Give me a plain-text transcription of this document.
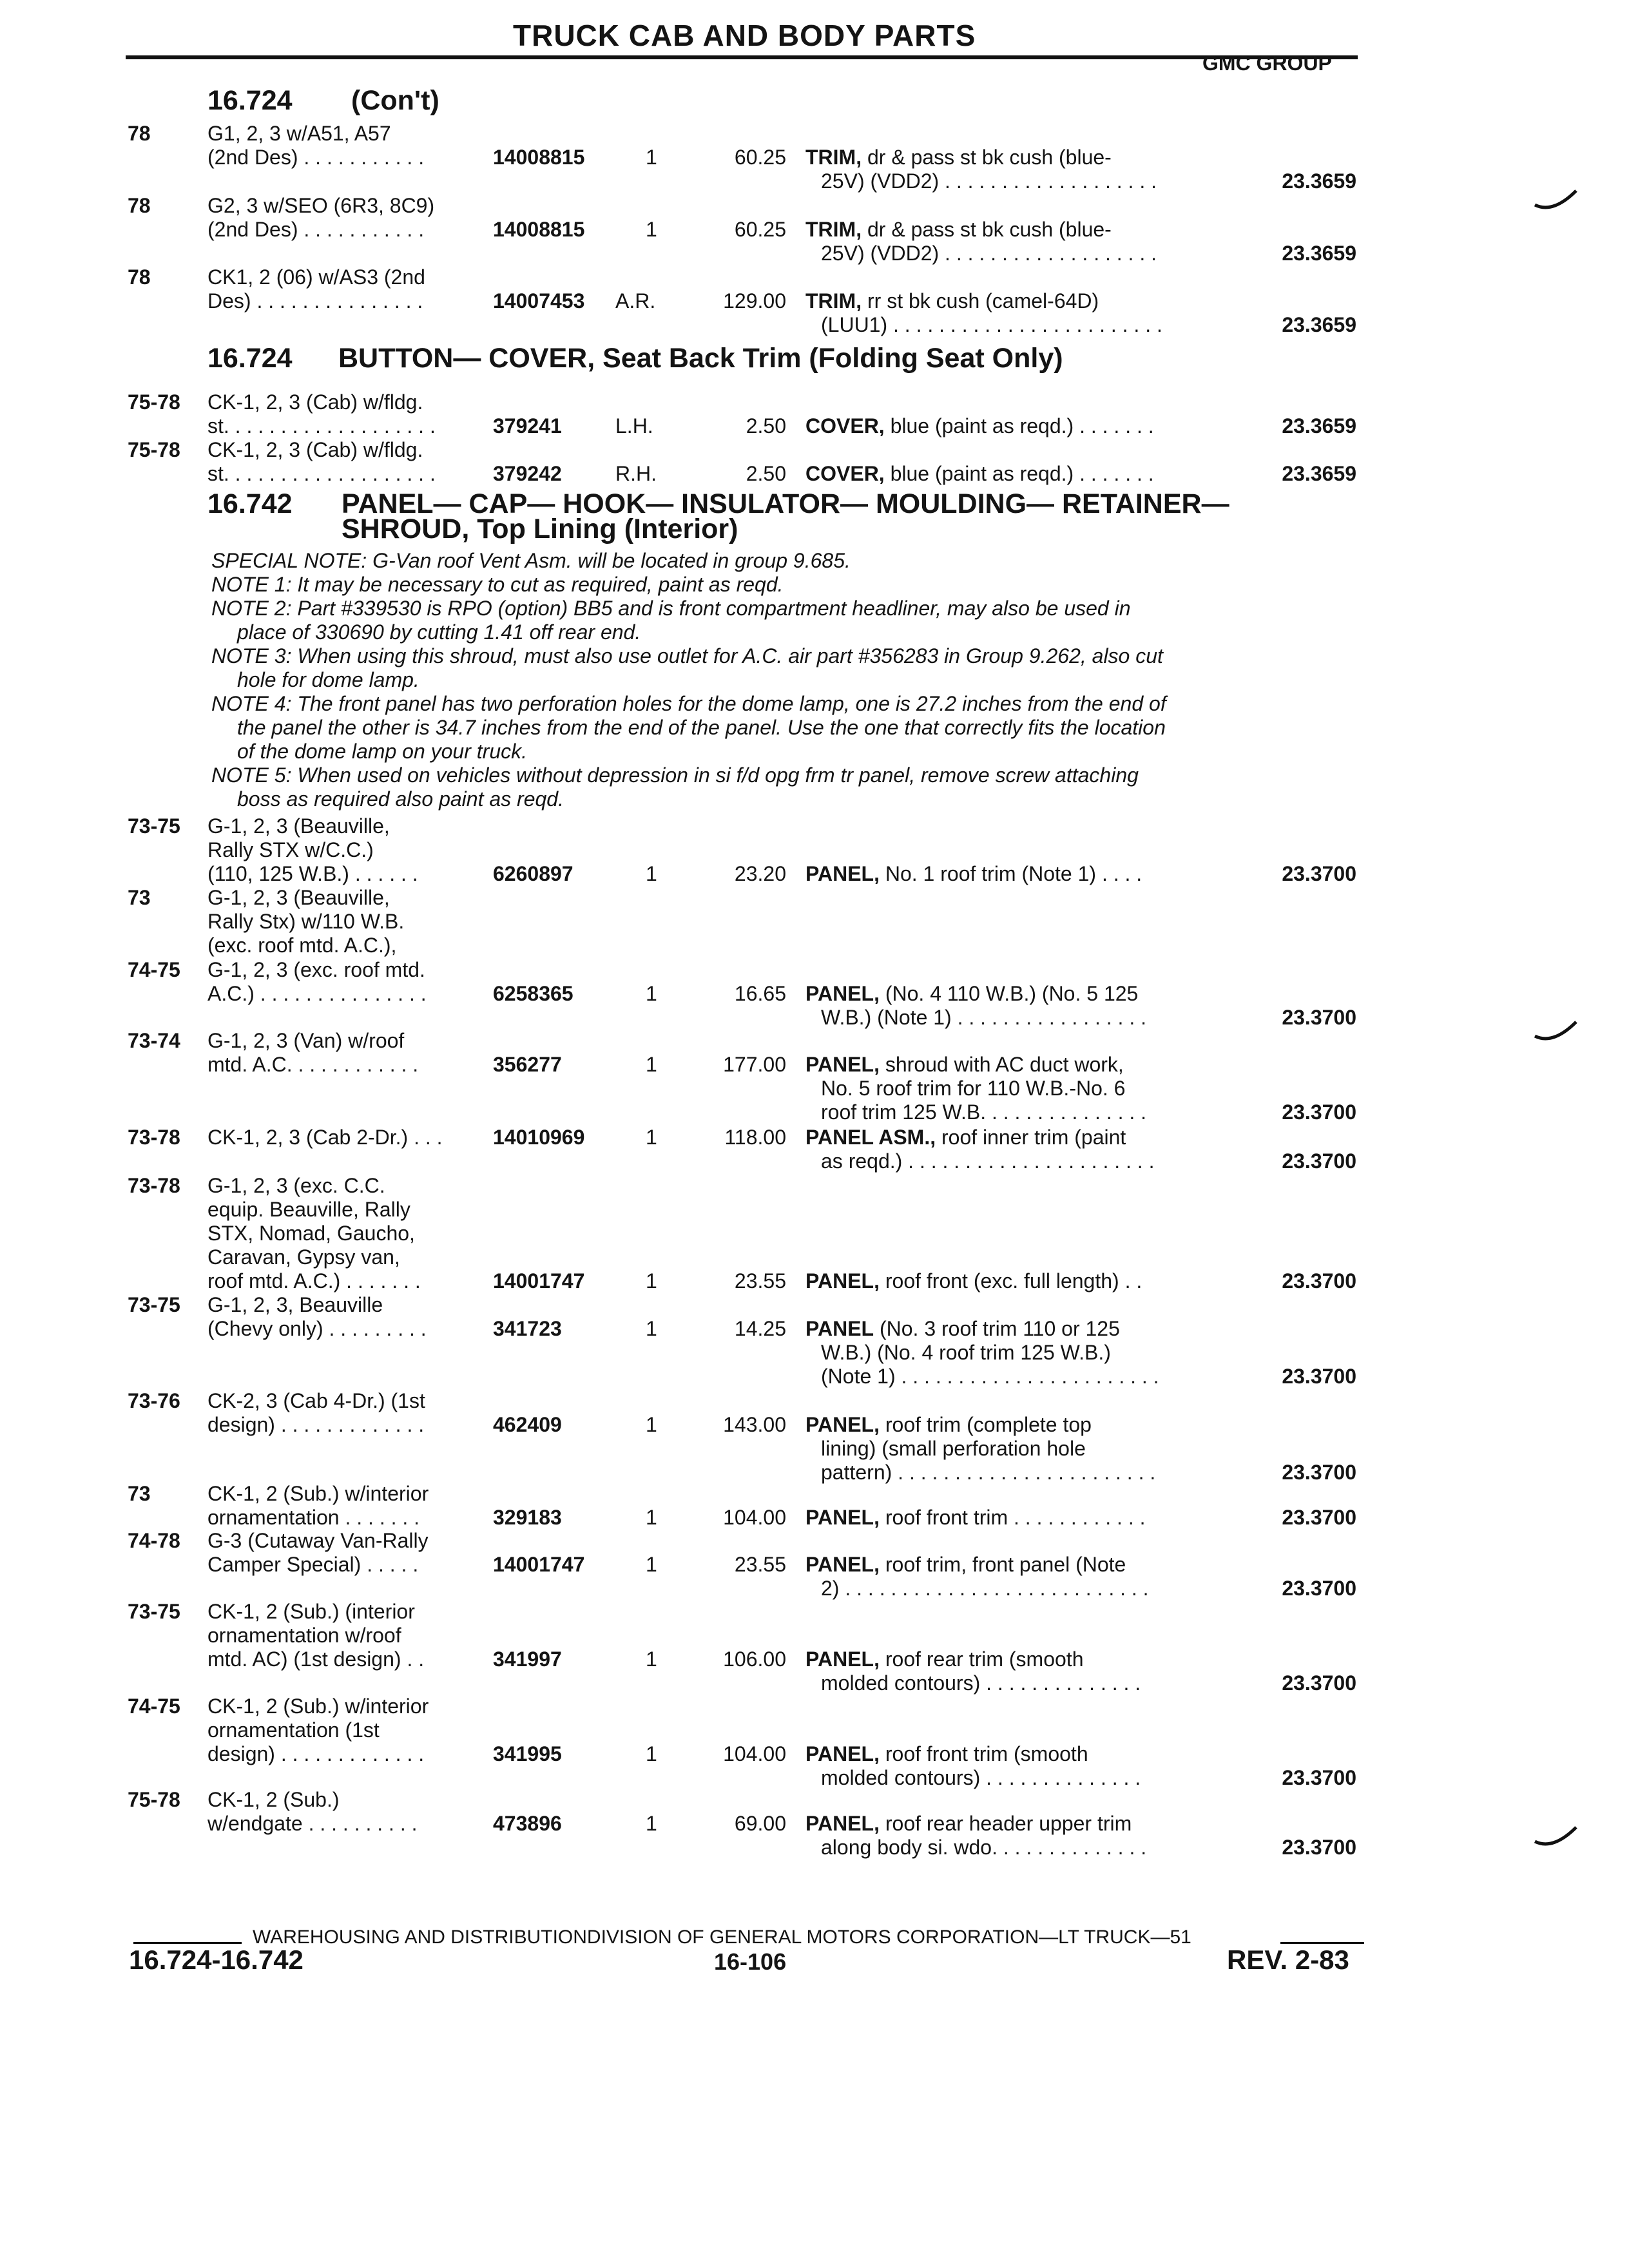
TRUCK CAB AND BODY PARTS
GMC GROUP
16.724 (Con't)
78	G1, 2, 3 w/A51, A57
(2nd Des) . . . . . . . . . . .	14008815	1	60.25 TRIM, dr & pass st bk cush (blue-
25V) (VDD2) . . . . . . . . . . . . . . . . . . .	23.3659
78	G2, 3 w/SEO (6R3, 8C9)
(2nd Des) . . . . . . . . . . .	14008815	1	60.25 TRIM, dr & pass st bk cush (blue-
25V) (VDD2) . . . . . . . . . . . . . . . . . . .	23.3659
78	CK1, 2 (06) w/AS3 (2nd
Des) . . . . . . . . . . . . . . .	14007453	A.R.	129.00 TRIM, rr st bk cush (camel-64D)
(LUU1) . . . . . . . . . . . . . . . . . . . . . . . .	23.3659
16.724 BUTTON— COVER, Seat Back Trim (Folding Seat Only)
75-78 CK-1, 2, 3 (Cab) w/fldg.
st. . . . . . . . . . . . . . . . . . .	379241	L.H.	2.50 COVER, blue (paint as reqd.) . . . . . . .	23.3659
75-78 CK-1, 2, 3 (Cab) w/fldg.
st. . . . . . . . . . . . . . . . . . .	379242	R.H.	2.50 COVER, blue (paint as reqd.) . . . . . . .	23.3659
16.742 PANEL— CAP— HOOK— INSULATOR— MOULDING— RETAINER—
SHROUD, Top Lining (Interior)
SPECIAL NOTE: G-Van roof Vent Asm. will be located in group 9.685.
NOTE 1: It may be necessary to cut as required, paint as reqd.
NOTE 2: Part #339530 is RPO (option) BB5 and is front compartment headliner, may also be used in
place of 330690 by cutting 1.41 off rear end.
NOTE 3: When using this shroud, must also use outlet for A.C. air part #356283 in Group 9.262, also cut
hole for dome lamp.
NOTE 4: The front panel has two perforation holes for the dome lamp, one is 27.2 inches from the end of
the panel the other is 34.7 inches from the end of the panel. Use the one that correctly fits the location
of the dome lamp on your truck.
NOTE 5: When used on vehicles without depression in si f/d opg frm tr panel, remove screw attaching
boss as required also paint as reqd.
73-75 G-1, 2, 3 (Beauville,
Rally STX w/C.C.)
(110, 125 W.B.) . . . . . .	6260897	1	23.20 PANEL, No. 1 roof trim (Note 1) . . . .	23.3700
73	G-1, 2, 3 (Beauville,
Rally Stx) w/110 W.B.
(exc. roof mtd. A.C.),
74-75 G-1, 2, 3 (exc. roof mtd.
A.C.) . . . . . . . . . . . . . . .	6258365	1	16.65 PANEL, (No. 4 110 W.B.) (No. 5 125
W.B.) (Note 1) . . . . . . . . . . . . . . . . .	23.3700
73-74 G-1, 2, 3 (Van) w/roof
mtd. A.C. . . . . . . . . . . .	356277	1	177.00 PANEL, shroud with AC duct work,
No. 5 roof trim for 110 W.B.-No. 6
roof trim 125 W.B. . . . . . . . . . . . . . .	23.3700
73-78 CK-1, 2, 3 (Cab 2-Dr.) . . .	14010969	1	118.00 PANEL ASM., roof inner trim (paint
as reqd.) . . . . . . . . . . . . . . . . . . . . . .	23.3700
73-78 G-1, 2, 3 (exc. C.C.
equip. Beauville, Rally
STX, Nomad, Gaucho,
Caravan, Gypsy van,
roof mtd. A.C.) . . . . . . .	14001747	1	23.55 PANEL, roof front (exc. full length) . .	23.3700
73-75 G-1, 2, 3, Beauville
(Chevy only) . . . . . . . . .	341723	1	14.25 PANEL (No. 3 roof trim 110 or 125
W.B.) (No. 4 roof trim 125 W.B.)
(Note 1) . . . . . . . . . . . . . . . . . . . . . . .	23.3700
73-76 CK-2, 3 (Cab 4-Dr.) (1st
design) . . . . . . . . . . . . .	462409	1	143.00 PANEL, roof trim (complete top
lining) (small perforation hole
pattern) . . . . . . . . . . . . . . . . . . . . . . .	23.3700
73	CK-1, 2 (Sub.) w/interior
ornamentation . . . . . . .	329183	1	104.00 PANEL, roof front trim . . . . . . . . . . . .	23.3700
74-78 G-3 (Cutaway Van-Rally
Camper Special) . . . . .	14001747	1	23.55 PANEL, roof trim, front panel (Note
2) . . . . . . . . . . . . . . . . . . . . . . . . . . .	23.3700
73-75 CK-1, 2 (Sub.) (interior
ornamentation w/roof
mtd. AC) (1st design) . .	341997	1	106.00 PANEL, roof rear trim (smooth
molded contours) . . . . . . . . . . . . . .	23.3700
74-75 CK-1, 2 (Sub.) w/interior
ornamentation (1st
design) . . . . . . . . . . . . .	341995	1	104.00 PANEL, roof front trim (smooth
molded contours) . . . . . . . . . . . . . .	23.3700
75-78 CK-1, 2 (Sub.)
w/endgate . . . . . . . . . .	473896	1	69.00 PANEL, roof rear header upper trim
along body si. wdo. . . . . . . . . . . . . .	23.3700
WAREHOUSING AND DISTRIBUTIONDIVISION OF GENERAL MOTORS CORPORATION—LT TRUCK—51
16.724-16.742	16-106	REV. 2-83
